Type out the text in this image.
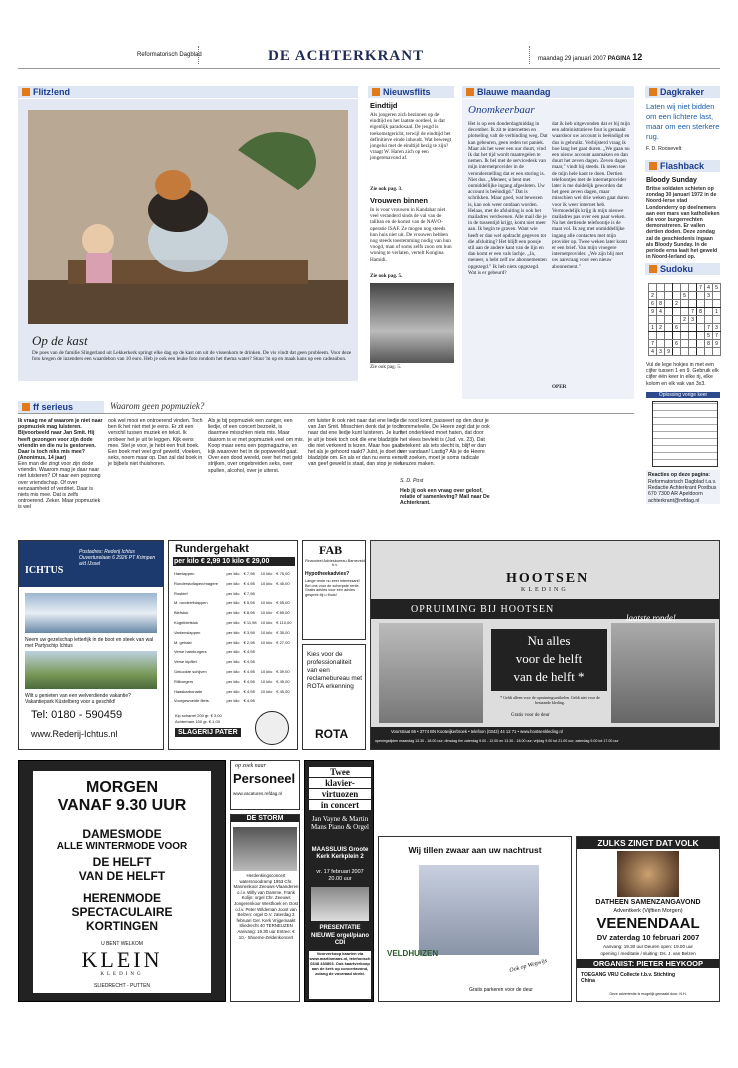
Reformatorisch Dagblad	DE ACHTERKRANT	maandag 29 januari 2007 PAGINA 12
Flitz!end
Op de kast
De poes van de familie Slingerland uit Lekkerkerk springt elke dag op de kast om uit de vissenkom te drinken. De vis vindt dat geen probleem. Voor deze foto kregen de inzenders een waardebon van 10 euro. Heb je ook een leuke foto rondom het thema water? Stuur 'm op en maak kans op een cadeaubon.
Nieuwsflits
Eindtijd
Als jongeren zich bezinnen op de eindtijd en het laatste oordeel, is dat eigenlijk paradoxaal. De jeugd is toekomstgericht, terwijl de eindtijd het definitieve einde inhoudt. Wat beweegt jongelui met de eindtijd bezig te zijn? vraagt W. Haren zich op een jongerenavond af.
Zie ook pag. 3.
Vrouwen binnen
In is voor vrouwen in Kandahar niet veel veranderd sinds de val van de taliban en de komst van de NAVO-operatie ISAF. Ze mogen nog steeds hun huis niet uit. De vrouwen hebben nog steeds toestemming nodig van hun voogd, man of soms zelfs zoon om hun woning te verlaten, vertelt Kongina Hamidi.
Zie ook pag. 5.
Zie ook pag. 5.
Blauwe maandag
Onomkeerbaar
Het is op een donderdagmiddag in december. Ik zit te internetten en plotseling valt de verbinding weg. Dat kan gebeuren, geen reden tot paniek. Maar als het weer een uur duurt, vind ik dat het tijd wordt maatregelen te nemen. Ik bel met de servicedesk van mijn internetprovider in de veronderstelling dat er een storing is. Niet dus. „Meneer, u bent met onmiddellijke ingang afgesloten. Uw account is beëindigd." Dat is schrikken. Maar goed, wat bewezen is, kan ook weer ontdaan worden. Helaas, met de afsluiting is ook het mailadres verdwenen. Alle mail die je in de tussentijd krijgt, komt niet meer aan. Ik begin te graven. Want wie heeft er dan wel opdracht gegeven tot die afsluiting? Het blijft een poosje stil aan de andere kant van de lijn en dan komt er een vals lachje. „Ja, meneer, u hebt zelf uw abonnementen opgezegd." Ik heb niets opgezegd. Wat is er gebeurd?
dat ik heb uitgevonden dat er bij mijn een administratieve fout is gemaakt waardoor uw account is beëindigd en dus is gebruikt. Verbijsterd vraag ik hoe lang het gaat duren. „We gaan nu een nieuw account aanmaken en dan duurt het zeven dagen. Zeven dagen maar," vindt hij steeds. Ik meen toe de mijn hele kant te doen. Dertien telefoontjes met de internetprovider later is me duidelijk geworden dat het geen zeven dagen, maar misschien wel drie weken gaat duren voor ik weer internet heb. Vermoedelijk krijg ik mijn nieuwe mailadres pas over een paar weken. Na het dertiende telefoontje is de maat vol. Ik zeg met onmiddellijke ingang alle contacten met mijn provider op. Twee weken later komt er een brief. Van mijn vroegere internetprovider. „We zijn blij met uw aanvraag voor een nieuw abonnement."
OPER
Dagkraker
Laten wij niet bidden om een lichtere last, maar om een sterkere rug.
F. D. Roosevelt
Flashback
Bloody Sunday
Britse soldaten schieten op zondag 30 januari 1972 in de Noord-Ierse stad Londonderry op deelnemers aan een mars van katholieken die voor burgerrechten demonstreren. Er vallen dertien doden. Deze zondag zal de geschiedenis ingaan als Bloody Sunday. In de periode erna laait het geweld in Noord-Ierland op.
Sudoku
						7	4	5
2				5			3	
6	8		2					
9	4				7	8		1
				2	3			
1	2		6				7	3
							5	7
7			6				8	9
4	3	9						
Vul de lege hokjes in met een cijfer tussen 1 en 9. Gebruik elk cijfer één keer in elke rij, elke kolom en elk vak van 3x3.
Oplossing vorige keer
Reacties op deze pagina:
Reformatorisch Dagblad t.a.v. Redactie Achterkrant Postbus 670 7300 AR Apeldoorn achterkrant@refdag.nl
ff serieus	Waarom geen popmuziek?
Ik vraag me af waarom je niet naar popmuziek mag luisteren. Bijvoorbeeld naar Jan Smit. Hij heeft gezongen voor zijn dode vriendin en die nu is gestorven. Daar is toch niks mis mee? (Anonimus, 14 jaar)
Een man die zingt voor zijn dode vriendin. Waarom mag je daar naar niet luisteren? Of naar een popsong over vriendschap. Of over eenzaamheid of verdriet. Daar is niets mis mee. Dat is zelfs ontroerend. Zeker. Maar popmuziek is wel
ook wel mooi en ontroerend vinden. Toch ben ik het niet met je eens. Er zit een verschil tussen muziek en tekst. Ik probeer het je uit te leggen. Kijk eens mee. Stel je voor, je hebt een fruit boek. Een boek met veel grof geweld, vloeken, seks, noem maar op. Dan zal dat boek in je bijbels niet thuishoren.
Als je bij popmuziek een zanger, een liedje, of een concert bezoekt, is daarmee misschien niets mis. Maar daarom is er met popmuziek veel om mis. Koop maar eens een popmagazine, en kijk waarover het in de popwereld gaat. Over een dood wereld, over het met geld strijken, over ongebreiden seks, over spullen, alcohol, over je uiterst.
om luister ik ook niet naar dat ene liedje van Jan Smit. Misschien denk dat je toch naar dat ene liedje kunt luisteren. Je kunt je uit je boek toch ook die ene bladzijde die niet verkeerd is lezen. Maar hoe gaat het als je gehoord raakt? Juist, je doet de bladzijde om. En als er dan nu eens een van geef geweld is staat, dan stop je niet.
die rood komt, passeert op den deur je trommelvelle. De Heere zegt dat je ook het onderkleed moet haten, dat door het vlees bevlekt is (Jud. vs. 23). Dat betekent: als iets slecht is, blijf er dan ver vandaan! Lastig? Als je de Heere wilt zoeken, moet je soms radicale keuzes maken.
S. D. Post
Heb jij ook een vraag over geloof, relatie of samenleving? Mail naar De Achterkrant.
ICHTUS
Postadres: Rederij Ichtus Ouverturelaan 6 2926 PT Krimpen a/d IJssel
Neem uw gezelschap letterlijk in de boot en steek van wal met Partyschip Ichtus
Wilt u genieten van een welverdiende vakantie? Vakantiepark Küstelberg voor u geschikt!
Tel: 0180 - 590459
www.Rederij-Ichtus.nl
Rundergehakt
per kilo € 2,99 10 kilo € 29,00
Hamlappen	per kilo	€ 7,98	10 kilo	€ 75,00
Runderstoflapen/magere	per kilo	€ 4,98	10 kilo	€ 45,00
Rosbief	per kilo	€ 7,98		
M. runderriblappen	per kilo	€ 5,98	10 kilo	€ 55,00
Biefstuk	per kilo	€ 8,98	10 kilo	€ 85,00
Kogelbiefstuk	per kilo	€ 11,98	10 kilo	€ 110,00
Varkenslappen	per kilo	€ 3,98	10 kilo	€ 35,00
M. gehakt	per kilo	€ 2,98	10 kilo	€ 27,00
Verse hamburgers	per kilo	€ 4,98		
Verse kipfilet	per kilo	€ 4,98		
Gekookte schijven	per kilo	€ 4,98	10 kilo	€ 39,00
Rillburgers	per kilo	€ 4,98	10 kilo	€ 45,00
Haaskarbonade	per kilo	€ 4,98	10 kilo	€ 45,00
Voorgewoelde filets	per kilo	€ 4,98		
Kip scharrel 200 gr. € 3,00
Achterham 100 gr. € 1,00
SLAGERIJ PATER
FAB
Financieel Adviesbureau Barneveld b.v.
Hypotheekadvies?
Lange rente nu zeer interessant! Bel ons voor de scherpste rente. Gratis advies voor een advies gesprek bij u thuis!
Kies voor de professionaliteit van een reclamebureau met ROTA erkenning
ROTA
HOOTSEN
KLEDING
OPRUIMING BIJ HOOTSEN
laatste ronde!
Nu alles
voor de helft
van de helft *
* Geldt alleen voor de opruimingsartikelen. Geldt niet voor de bestaande kleding.
Gratis voor de deur
Voorstraat 66 • 3774 BN Kootwijkerbroek • telefoon (0342) 44 12 71 • www.hootsenkleding.nl
openingstijden maandag 13.30 - 18.00 uur; dinsdag t/m zaterdag 9.00 - 12.00 en 13.30 - 18.00 uur; vrijdag 9.00 tot 21.00 uur; zaterdag 9.00 tot 17.00 uur
MORGEN
VANAF 9.30 UUR
DAMESMODE
ALLE WINTERMODE VOOR
DE HELFT
VAN DE HELFT
HERENMODE
SPECTACULAIRE
KORTINGEN
U BENT WELKOM
KLEIN
KLEDING
SLIEDRECHT - PUTTEN
op zoek naar
Personeel
www.vacatures.refdag.nl
DE STORM
Herdenkingsconcert watersnoodramp 1953 Chr. Mannenkoor Zeeuws-Vlaanderen o.l.v. Willy van Damme, Frank Kolijn: orgel Chr. Zeeuws Jongerenkoor Westhoek en Oost o.l.v. Peter Wildeman Joost van Belzen: orgel D.V. zaterdag 3 februari Ger. Kerk Vrijgemaakt Sliedrecht 40 TERNEUZEN Aanvang: 19.30 uur Entree: € 10,- Shoeme-Zeldenkoncert
Twee
klavier-
virtuozen
in concert
Jan Vayne & Martin Mans Piano & Orgel
MAASSLUIS Groote Kerk Kerkplein 2
vr. 17 februari 2007 20.00 uur
PRESENTATIE NIEUWE orgel/piano CDI
Voorverkoop kaarten via www.martinmans.nl, telefonisch 0348 433803. Ook kaartverkoop aan de kerk op concertavond, zolang de voorraad strekt.
Wij tillen zwaar aan uw nachtrust
VELDHUIZEN
Ook op Wegwijs
Gratis parkeren voor de deur
ZULKS ZINGT DAT VOLK
DATHEEN SAMENZANGAVOND
Adventkerk (Vijftien Morgen)
VEENENDAAL
DV zaterdag 10 februari 2007
Aanvang: 19.30 uur Deuren open: 19.00 uur
opening / meditatie / sluiting: Ds. J. van Belzen
ORGANIST: PIETER HEYKOOP
TOEGANG VRIJ Collecte t.b.v. Stichting China
Deze advertentie is mogelijk gemaakt door: N.H.
